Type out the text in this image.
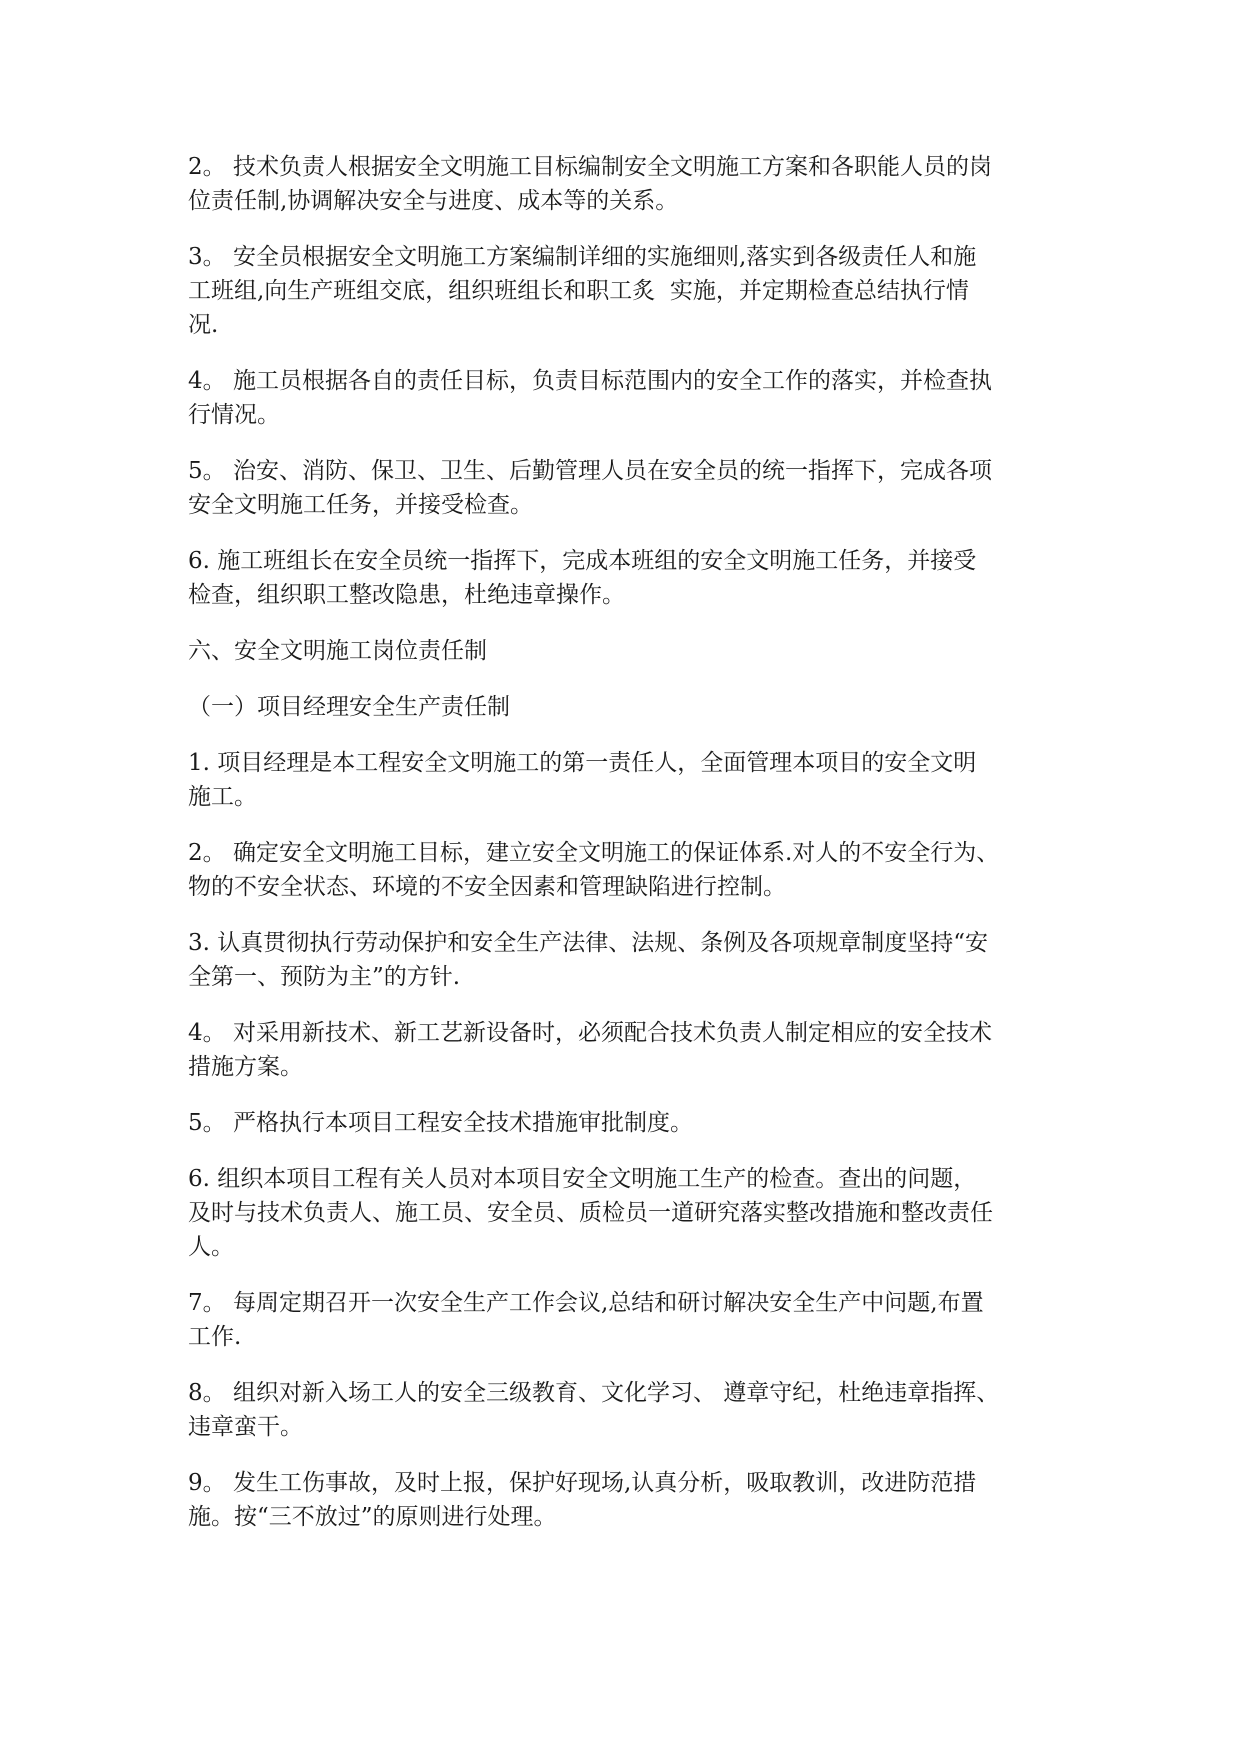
2。 技术负责人根据安全文明施工目标编制安全文明施工方案和各职能人员的岗
位责任制,协调解决安全与进度、成本等的关系。

3。 安全员根据安全文明施工方案编制详细的实施细则,落实到各级责任人和施
工班组,向生产班组交底，组织班组长和职工炙  实施，并定期检查总结执行情
况.

4。 施工员根据各自的责任目标，负责目标范围内的安全工作的落实，并检查执
行情况。

5。 治安、消防、保卫、卫生、后勤管理人员在安全员的统一指挥下，完成各项
安全文明施工任务，并接受检查。

6. 施工班组长在安全员统一指挥下，完成本班组的安全文明施工任务，并接受
检查，组织职工整改隐患，杜绝违章操作。

六、安全文明施工岗位责任制

（一）项目经理安全生产责任制

1. 项目经理是本工程安全文明施工的第一责任人，全面管理本项目的安全文明
施工。

2。 确定安全文明施工目标，建立安全文明施工的保证体系.对人的不安全行为、
物的不安全状态、环境的不安全因素和管理缺陷进行控制。

3. 认真贯彻执行劳动保护和安全生产法律、法规、条例及各项规章制度坚持“安
全第一、预防为主”的方针.

4。 对采用新技术、新工艺新设备时，必须配合技术负责人制定相应的安全技术
措施方案。

5。 严格执行本项目工程安全技术措施审批制度。

6. 组织本项目工程有关人员对本项目安全文明施工生产的检查。查出的问题，
及时与技术负责人、施工员、安全员、质检员一道研究落实整改措施和整改责任
人。

7。 每周定期召开一次安全生产工作会议,总结和研讨解决安全生产中问题,布置
工作.

8。 组织对新入场工人的安全三级教育、文化学习、 遵章守纪，杜绝违章指挥、
违章蛮干。

9。 发生工伤事故，及时上报，保护好现场,认真分析，吸取教训，改进防范措
施。按“三不放过”的原则进行处理。
